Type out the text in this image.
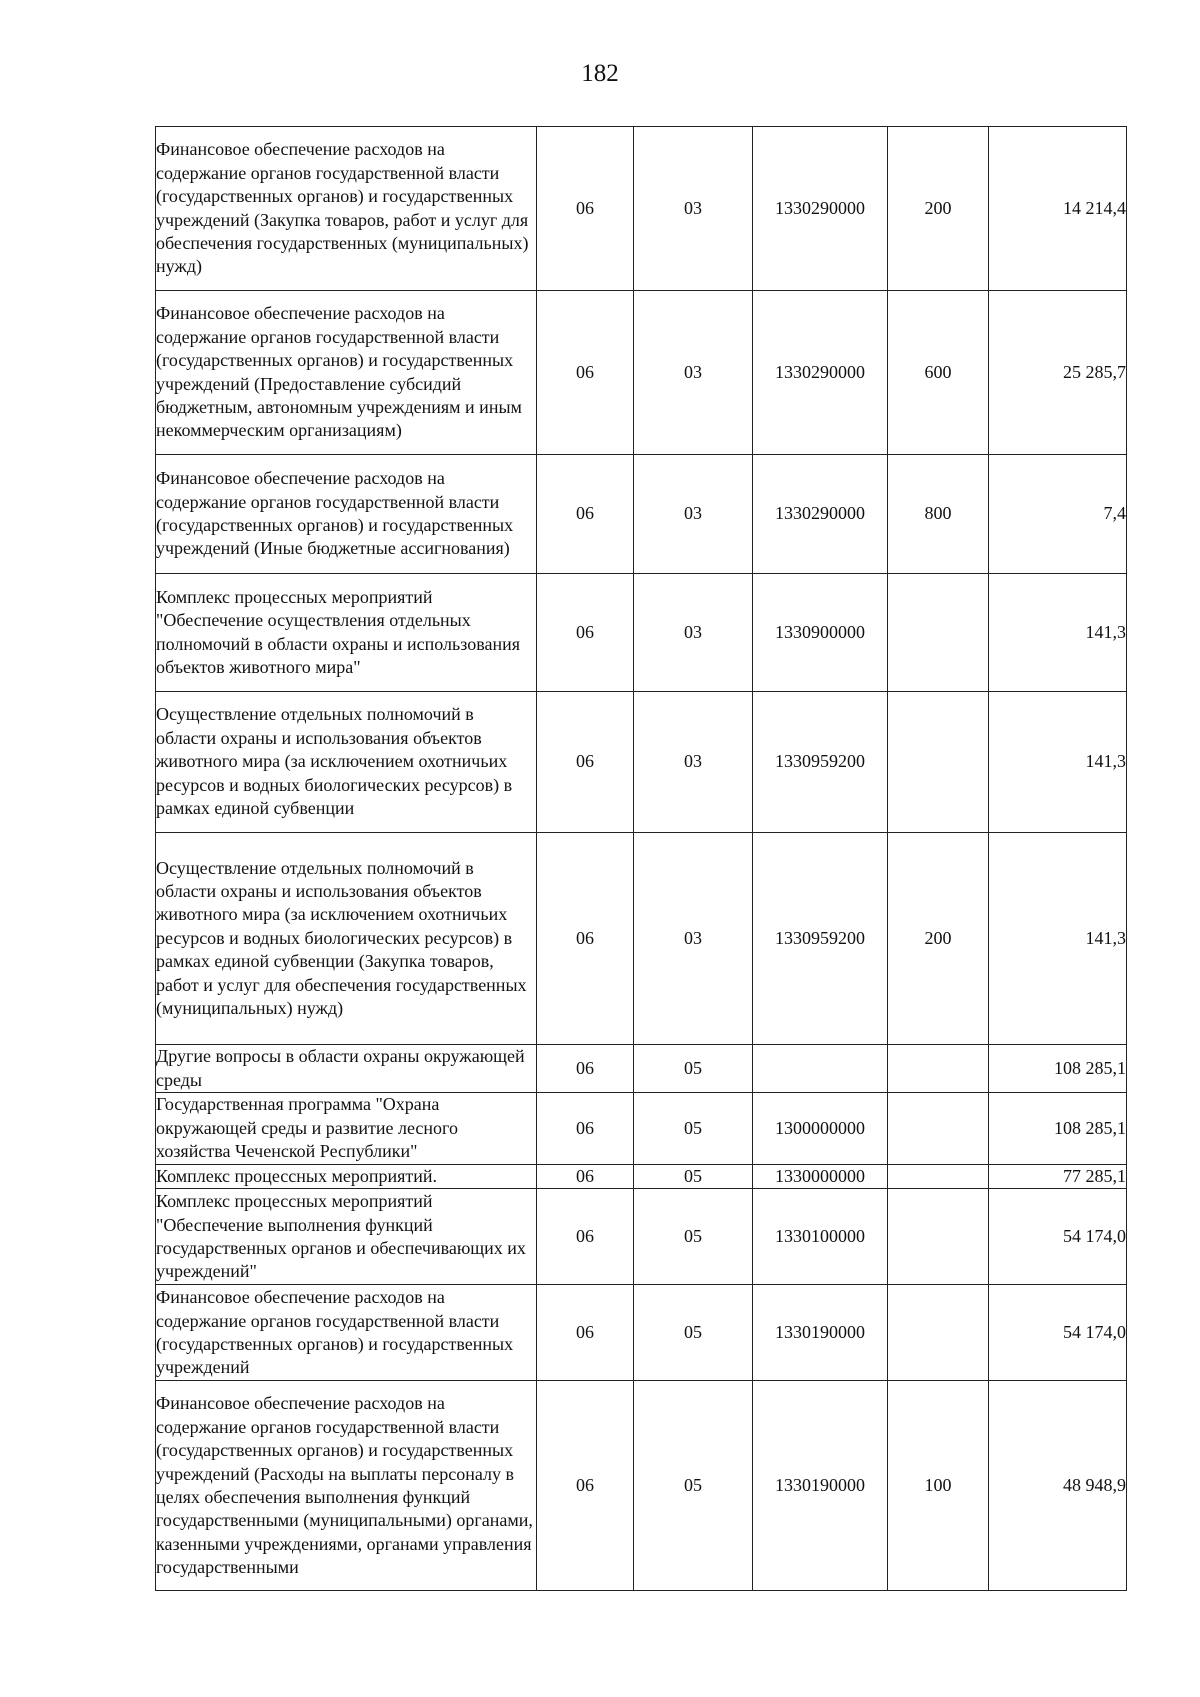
182
Финансовое обеспечение расходов на содержание органов государственной власти (государственных органов) и государственных учреждений (Закупка товаров, работ и услуг для обеспечения государственных (муниципальных) нужд)	06	03	1330290000	200	14 214,4
Финансовое обеспечение расходов на содержание органов государственной власти (государственных органов) и государственных учреждений (Предоставление субсидий бюджетным, автономным учреждениям и иным некоммерческим организациям)	06	03	1330290000	600	25 285,7
Финансовое обеспечение расходов на содержание органов государственной власти (государственных органов) и государственных учреждений (Иные бюджетные ассигнования)	06	03	1330290000	800	7,4
Комплекс процессных мероприятий "Обеспечение осуществления отдельных полномочий в области охраны и использования объектов животного мира"	06	03	1330900000		141,3
Осуществление отдельных полномочий в области охраны и использования объектов животного мира (за исключением охотничьих ресурсов и водных биологических ресурсов) в рамках единой субвенции	06	03	1330959200		141,3
Осуществление отдельных полномочий в области охраны и использования объектов животного мира (за исключением охотничьих ресурсов и водных биологических ресурсов) в рамках единой субвенции (Закупка товаров, работ и услуг для обеспечения государственных (муниципальных) нужд)	06	03	1330959200	200	141,3
Другие вопросы в области охраны окружающей среды	06	05			108 285,1
Государственная программа "Охрана окружающей среды и развитие лесного хозяйства Чеченской Республики"	06	05	1300000000		108 285,1
Комплекс процессных мероприятий.	06	05	1330000000		77 285,1
Комплекс процессных мероприятий "Обеспечение выполнения функций государственных органов и обеспечивающих их учреждений"	06	05	1330100000		54 174,0
Финансовое обеспечение расходов на содержание органов государственной власти (государственных органов) и государственных учреждений	06	05	1330190000		54 174,0
Финансовое обеспечение расходов на содержание органов государственной власти (государственных органов) и государственных учреждений (Расходы на выплаты персоналу в целях обеспечения выполнения функций государственными (муниципальными) органами, казенными учреждениями, органами управления государственными	06	05	1330190000	100	48 948,9
